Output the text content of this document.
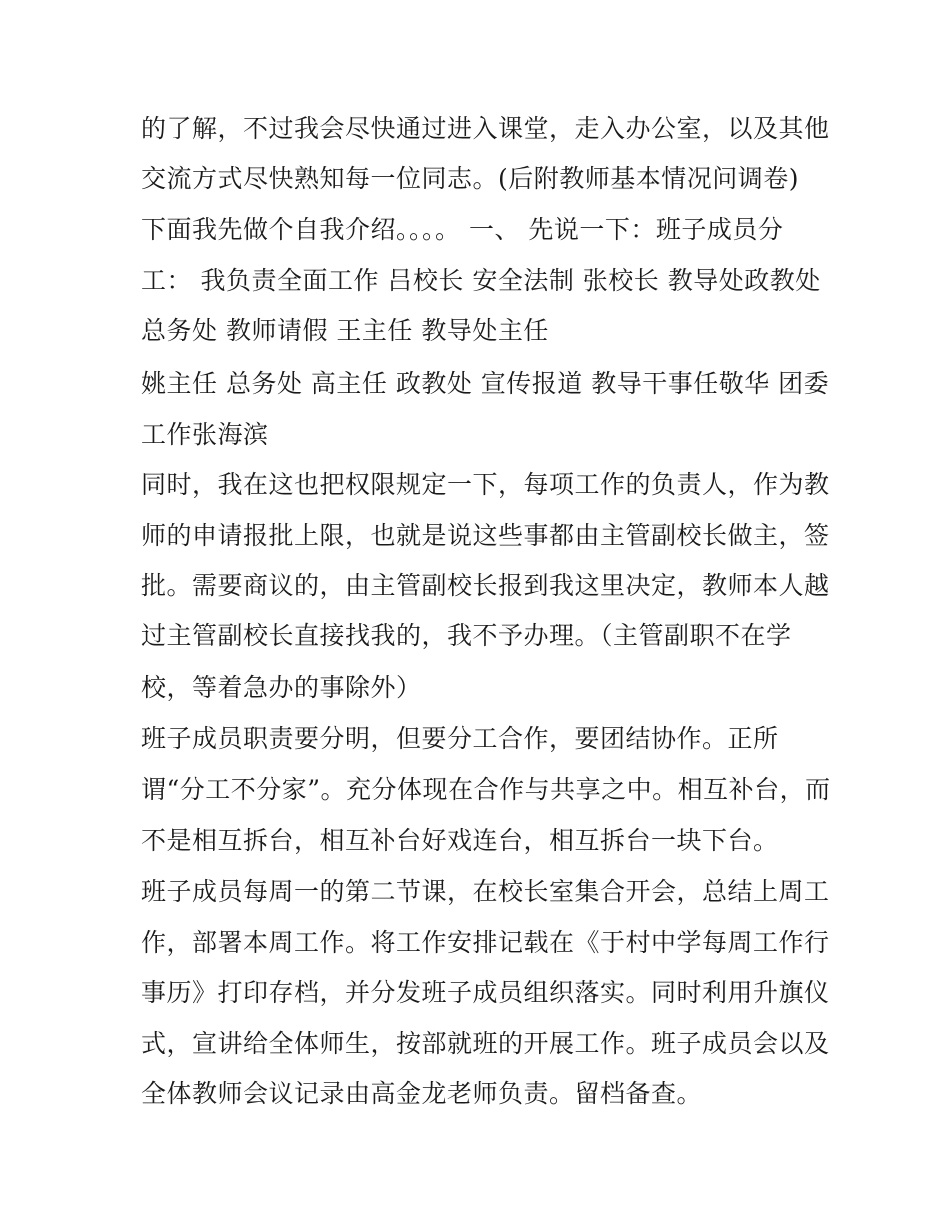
的了解，不过我会尽快通过进入课堂，走入办公室，以及其他
交流方式尽快熟知每一位同志。(后附教师基本情况问调卷)
下面我先做个自我介绍。。。。 一、 先说一下：班子成员分
工： 我负责全面工作 吕校长 安全法制 张校长 教导处政教处
总务处 教师请假 王主任 教导处主任
姚主任 总务处 高主任 政教处 宣传报道 教导干事任敬华 团委
工作张海滨
同时，我在这也把权限规定一下，每项工作的负责人，作为教
师的申请报批上限，也就是说这些事都由主管副校长做主，签
批。需要商议的，由主管副校长报到我这里决定，教师本人越
过主管副校长直接找我的，我不予办理。（主管副职不在学
校，等着急办的事除外）
班子成员职责要分明，但要分工合作，要团结协作。正所
谓“分工不分家”。充分体现在合作与共享之中。相互补台，而
不是相互拆台，相互补台好戏连台，相互拆台一块下台。
班子成员每周一的第二节课，在校长室集合开会，总结上周工
作，部署本周工作。将工作安排记载在《于村中学每周工作行
事历》打印存档，并分发班子成员组织落实。同时利用升旗仪
式，宣讲给全体师生，按部就班的开展工作。班子成员会以及
全体教师会议记录由高金龙老师负责。留档备查。
